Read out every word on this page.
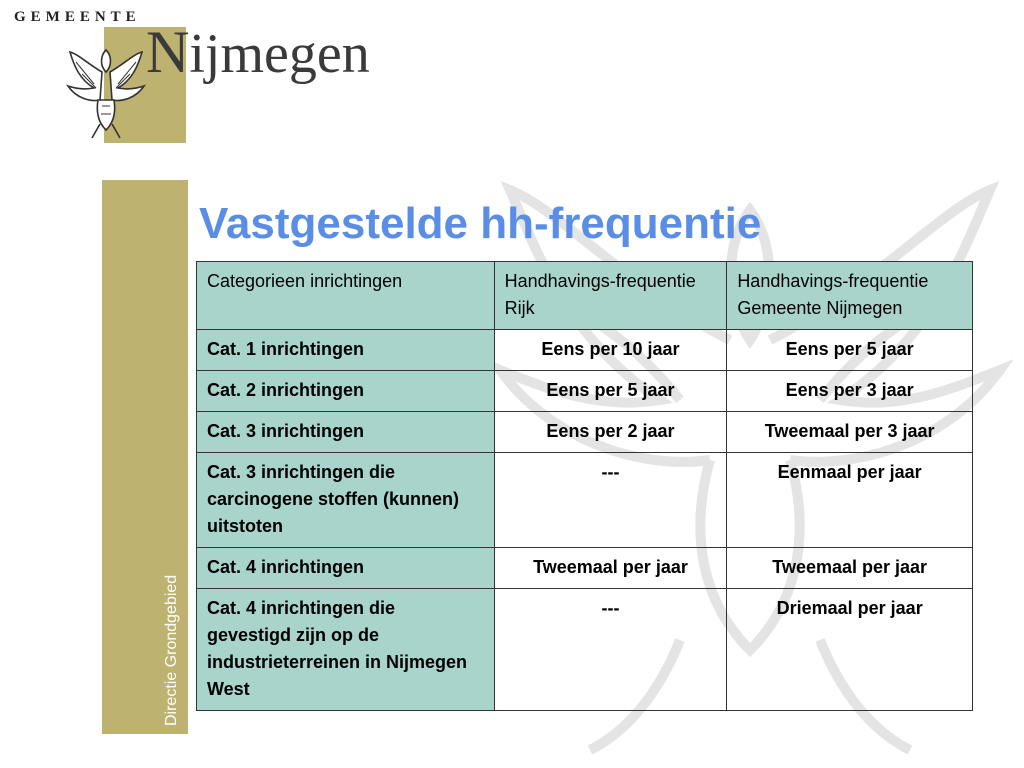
GEMEENTE
Nijmegen
Directie Grondgebied
Vastgestelde hh-frequentie
Categorieen inrichtingen	Handhavings-frequentie Rijk	Handhavings-frequentie Gemeente Nijmegen
Cat. 1 inrichtingen	Eens per 10 jaar	Eens per 5 jaar
Cat. 2 inrichtingen	Eens per 5 jaar	Eens per 3 jaar
Cat. 3 inrichtingen	Eens per 2 jaar	Tweemaal per 3 jaar
Cat. 3 inrichtingen die carcinogene stoffen (kunnen) uitstoten	---	Eenmaal per jaar
Cat. 4 inrichtingen	Tweemaal per jaar	Tweemaal per jaar
Cat. 4 inrichtingen die gevestigd zijn op de industrieterreinen in Nijmegen West	---	Driemaal per jaar
